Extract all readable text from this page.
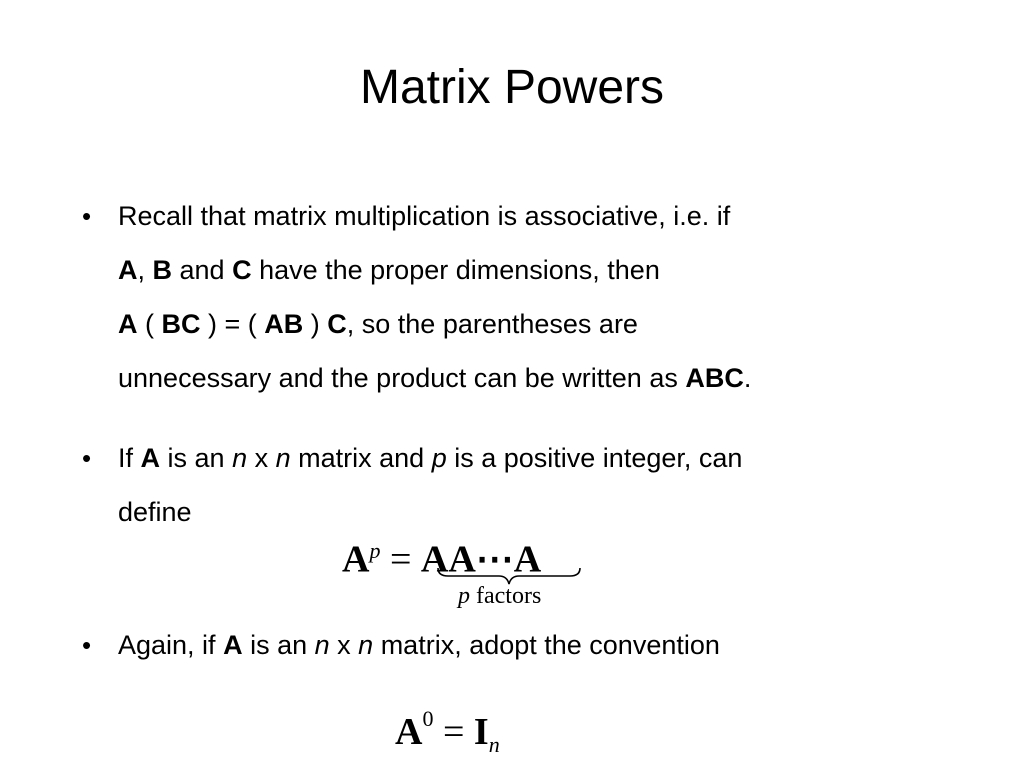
Matrix Powers
• Recall that matrix multiplication is associative, i.e. if
A, B and C have the proper dimensions, then
A ( BC ) = ( AB ) C, so the parentheses are
unnecessary and the product can be written as ABC.
• If A is an n x n matrix and p is a positive integer, can
define
$A^p$ = AA⋯A
p factors
• Again, if A is an n x n matrix, adopt the convention
$A^0 = I_n$
